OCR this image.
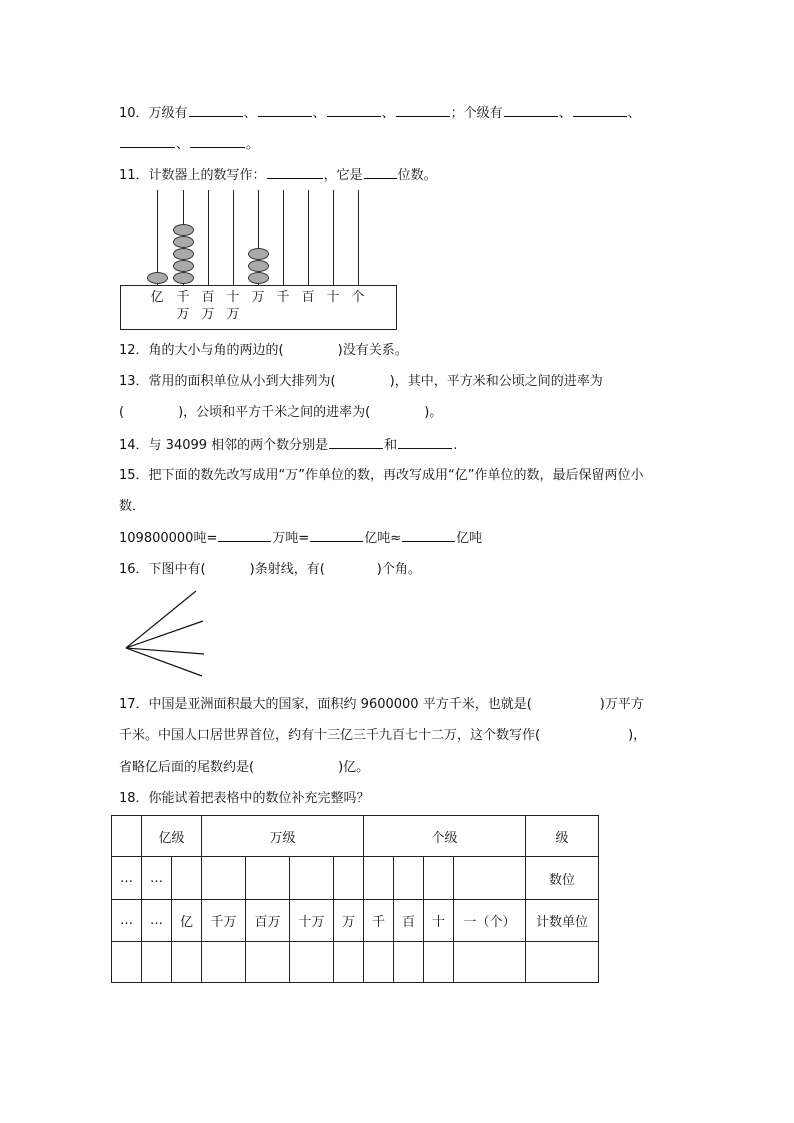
10．万级有	、	、	、	；个级有	、	、
、	。
11．计数器上的数写作：	，它是	位数。
亿 千 百 十 万 千 百 十 个
万 万 万
12．角的大小与角的两边的(	)没有关系。
13．常用的面积单位从小到大排列为(	)，其中，平方米和公顷之间的进率为
(	)，公顷和平方千米之间的进率为(	)。
14．与 34099 相邻的两个数分别是	和	.
15．把下面的数先改写成用“万”作单位的数，再改写成用“亿”作单位的数，最后保留两位小
数．
109800000吨=	万吨=	亿吨≈	亿吨
16．下图中有(	)条射线，有(	)个角。
17．中国是亚洲面积最大的国家，面积约 9600000 平方千米，也就是(	)万平方
千米。中国人口居世界首位，约有十三亿三千九百七十二万，这个数写作(	)，
省略亿后面的尾数约是(	)亿。
18．你能试着把表格中的数位补充完整吗？
	亿级		万级				个级				级
…	…										数位
…	…	亿	千万	百万	十万	万	千	百	十	一（个）	计数单位
